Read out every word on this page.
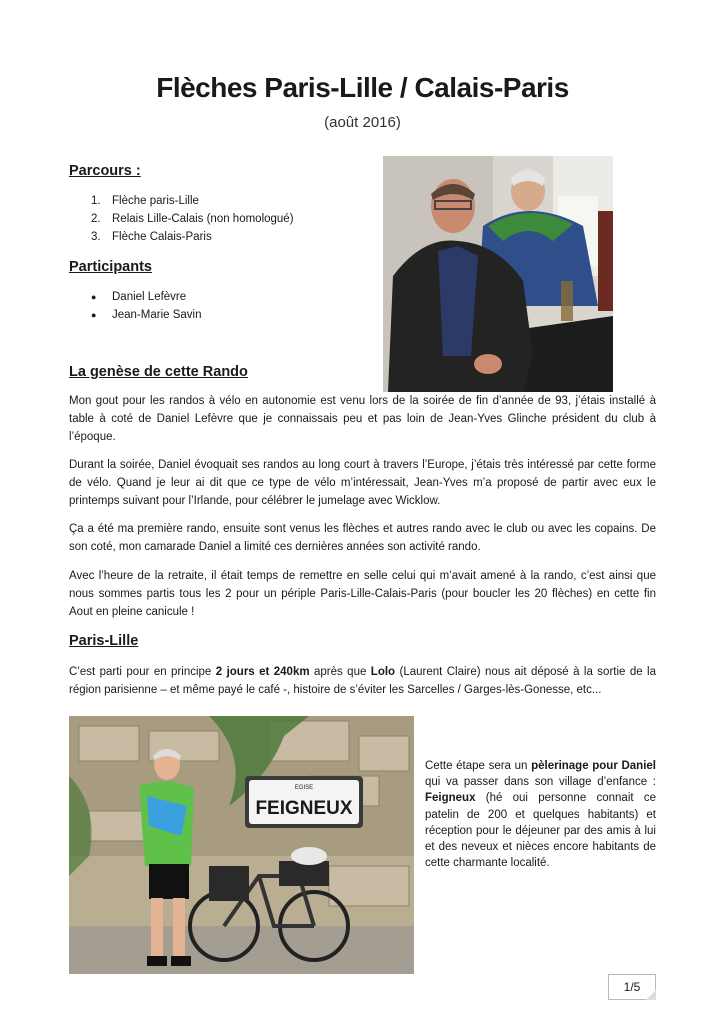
Flèches Paris-Lille / Calais-Paris

(août 2016)

Parcours :
1. Flèche paris-Lille
2. Relais Lille-Calais (non homologué)
3. Flèche Calais-Paris
Participants
● Daniel Lefèvre
● Jean-Marie Savin
La genèse de cette Rando

Mon gout pour les randos à vélo en autonomie est venu lors de la soirée de fin d’année de 93, j’étais installé à table à coté de Daniel Lefèvre que je connaissais peu et pas loin de Jean-Yves Glinche président du club à l’époque.

Durant la soirée, Daniel évoquait ses randos au long court à travers l’Europe, j’étais très intéressé par cette forme de vélo. Quand je leur ai dit que ce type de vélo m’intéressait, Jean-Yves m’a proposé de partir avec eux le printemps suivant pour l’Irlande, pour célébrer le jumelage avec Wicklow.

Ça a été ma première rando, ensuite sont venus les flèches et autres rando avec le club ou avec les copains. De son coté, mon camarade Daniel a limité ces dernières années son activité rando.

Avec l’heure de la retraite, il était temps de remettre en selle celui qui m’avait amené à la rando, c’est ainsi que nous sommes partis tous les 2 pour un périple Paris-Lille-Calais-Paris (pour boucler les 20 flèches) en cette fin Aout en pleine canicule !

Paris-Lille

C’est parti pour en principe 2 jours et 240km après que Lolo (Laurent Claire) nous ait déposé à la sortie de la région parisienne – et même payé le café -, histoire de s’éviter les Sarcelles / Garges-lès-Gonesse, etc...

EGISE
FEIGNEUX

Cette étape sera un pèlerinage pour Daniel qui va passer dans son village d’enfance : Feigneux (hé oui personne connait ce patelin de 200 et quelques habitants) et réception pour le déjeuner par des amis à lui et des neveux et nièces encore habitants de cette charmante localité.

1/5
